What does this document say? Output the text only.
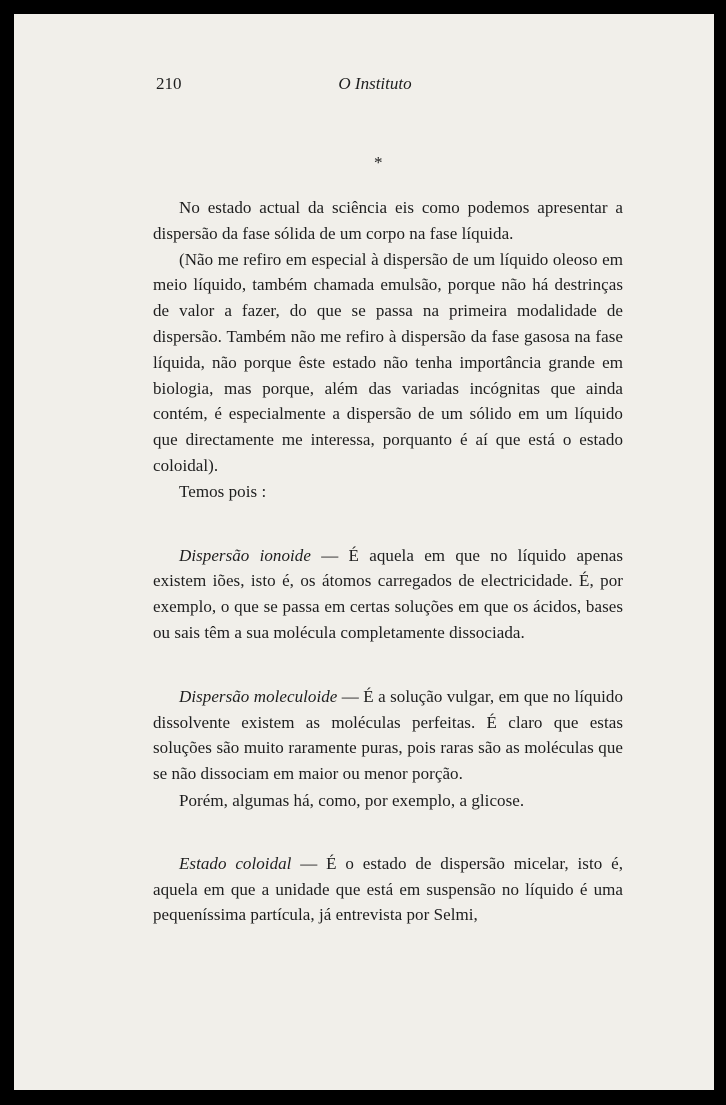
210	O Instituto
*

No estado actual da sciência eis como podemos apresentar a dispersão da fase sólida de um corpo na fase líquida.

(Não me refiro em especial à dispersão de um líquido oleoso em meio líquido, também chamada emulsão, porque não há destrinças de valor a fazer, do que se passa na primeira modalidade de dispersão. Também não me refiro à dispersão da fase gasosa na fase líquida, não porque êste estado não tenha importância grande em biologia, mas porque, além das variadas incógnitas que ainda contém, é especialmente a dispersão de um sólido em um líquido que directamente me interessa, porquanto é aí que está o estado coloidal).

Temos pois :

Dispersão ionoide — É aquela em que no líquido apenas existem iões, isto é, os átomos carregados de electricidade. É, por exemplo, o que se passa em certas soluções em que os ácidos, bases ou sais têm a sua molécula completamente dissociada.

Dispersão moleculoide — É a solução vulgar, em que no líquido dissolvente existem as moléculas perfeitas. É claro que estas soluções são muito raramente puras, pois raras são as moléculas que se não dissociam em maior ou menor porção.

Porém, algumas há, como, por exemplo, a glicose.

Estado coloidal — É o estado de dispersão micelar, isto é, aquela em que a unidade que está em suspensão no líquido é uma pequeníssima partícula, já entrevista por Selmi,
